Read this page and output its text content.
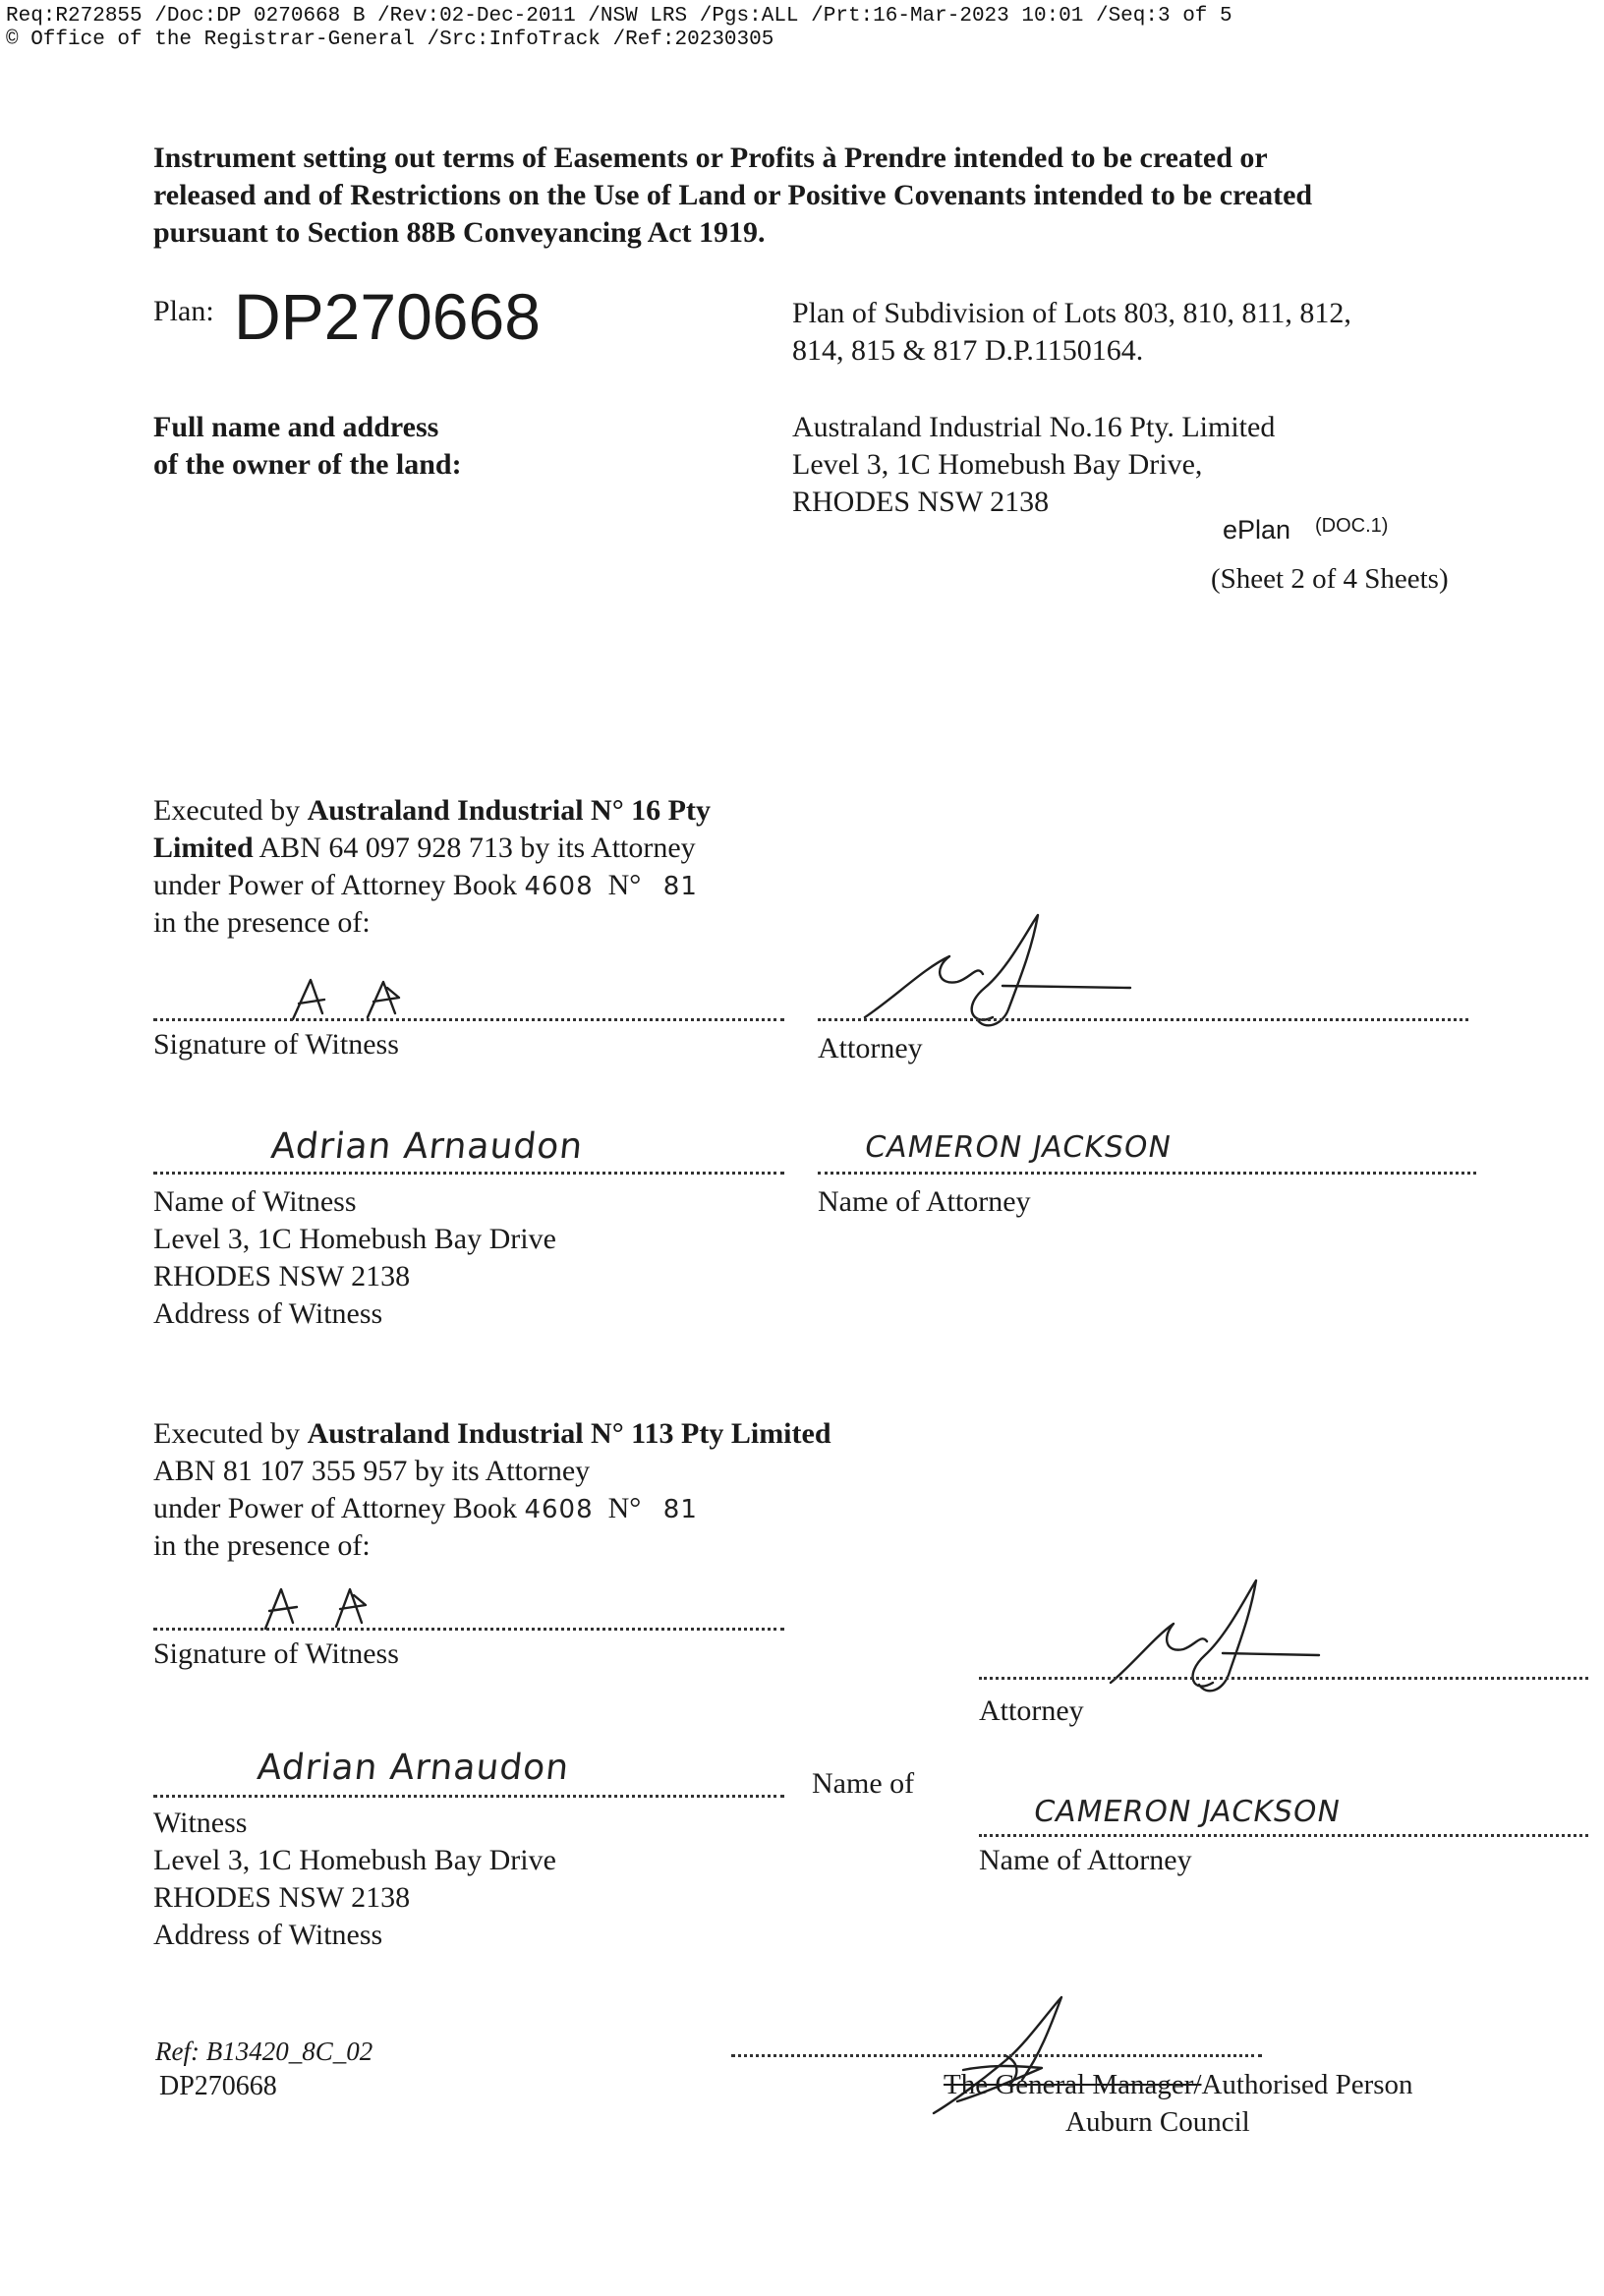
Req:R272855 /Doc:DP 0270668 B /Rev:02-Dec-2011 /NSW LRS /Pgs:ALL /Prt:16-Mar-2023 10:01 /Seq:3 of 5
© Office of the Registrar-General /Src:InfoTrack /Ref:20230305
Instrument setting out terms of Easements or Profits à Prendre intended to be created or
released and of Restrictions on the Use of Land or Positive Covenants intended to be created
pursuant to Section 88B Conveyancing Act 1919.
Plan: DP270668	Plan of Subdivision of Lots 803, 810, 811, 812,
814, 815 & 817 D.P.1150164.
Full name and address
of the owner of the land:
Australand Industrial No.16 Pty. Limited
Level 3, 1C Homebush Bay Drive,
RHODES NSW 2138
ePlan (DOC.1)
(Sheet 2 of 4 Sheets)
Executed by Australand Industrial N° 16 Pty
Limited ABN 64 097 928 713 by its Attorney
under Power of Attorney Book 4608 N° 81
in the presence of:
Signature of Witness	Attorney
Adrian Arnaudon
Name of Witness
CAMERON JACKSON
Name of Attorney
Level 3, 1C Homebush Bay Drive
RHODES NSW 2138
Address of Witness
Executed by Australand Industrial N° 113 Pty Limited
ABN 81 107 355 957 by its Attorney
under Power of Attorney Book 4608 N° 81
in the presence of:
Signature of Witness
Attorney
Adrian Arnaudon	Name of
Witness	CAMERON JACKSON
Name of Attorney
Level 3, 1C Homebush Bay Drive
RHODES NSW 2138
Address of Witness
Ref: B13420_8C_02
DP270668	The General Manager/Authorised Person
Auburn Council
